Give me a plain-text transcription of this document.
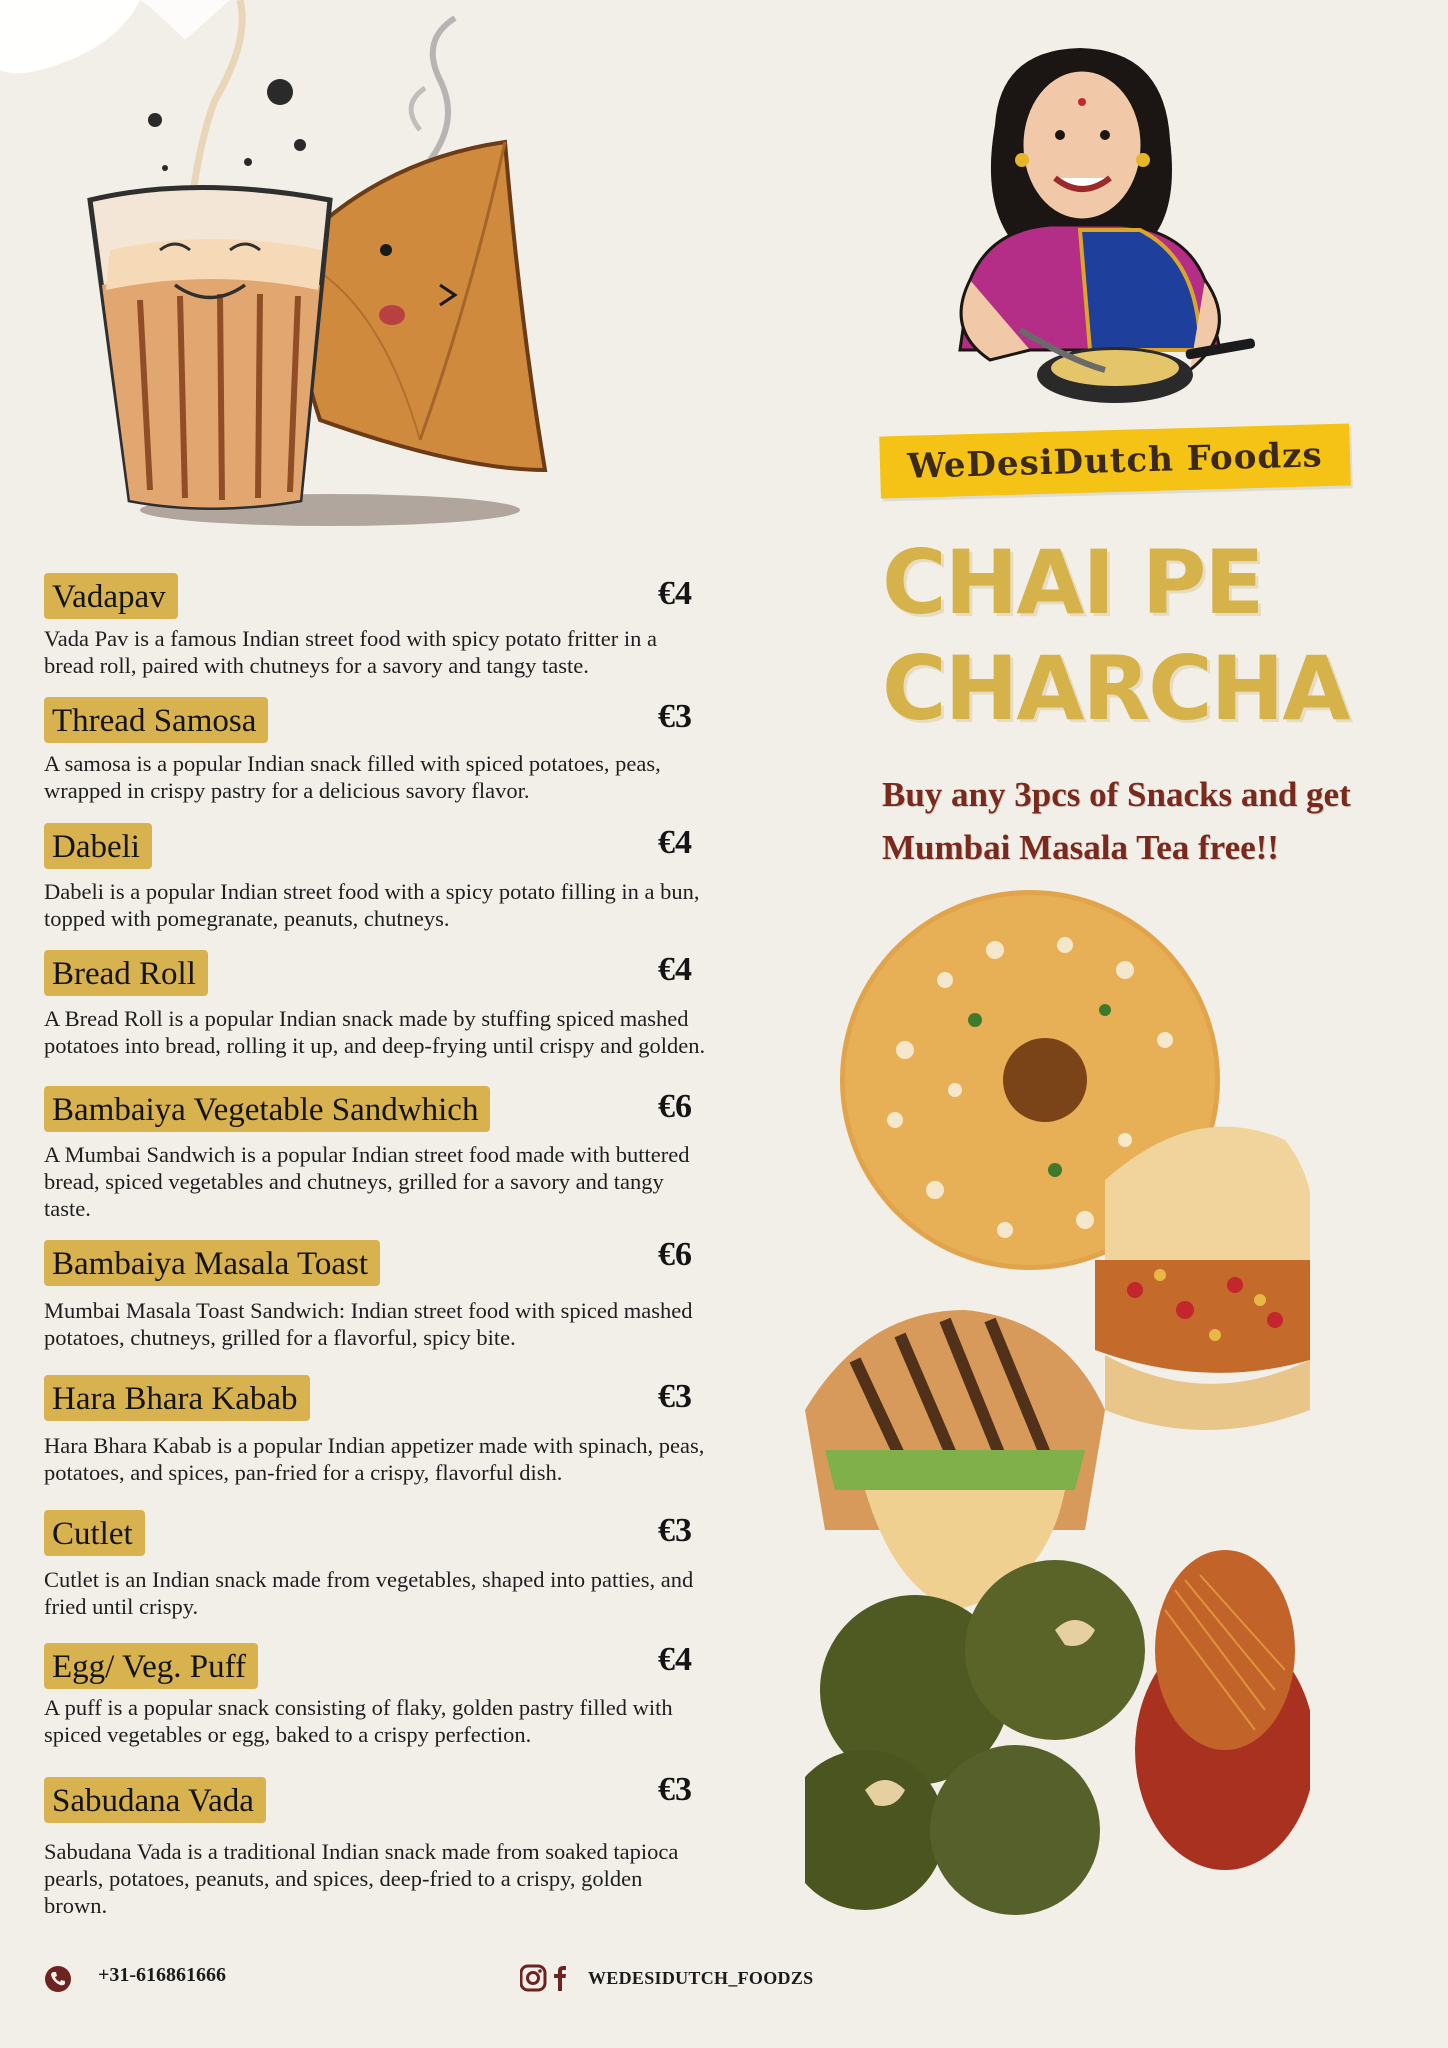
WeDesiDutch Foodzs
CHAI PE
CHARCHA
Buy any 3pcs of Snacks and get
Mumbai Masala Tea free!!
Vadapav	€4
Vada Pav is a famous Indian street food with spicy potato fritter in a
bread roll, paired with chutneys for a savory and tangy taste.
Thread Samosa	€3
A samosa is a popular Indian snack filled with spiced potatoes, peas,
wrapped in crispy pastry for a delicious savory flavor.
Dabeli	€4
Dabeli is a popular Indian street food with a spicy potato filling in a bun,
topped with pomegranate, peanuts, chutneys.
Bread Roll	€4
A Bread Roll is a popular Indian snack made by stuffing spiced mashed
potatoes into bread, rolling it up, and deep-frying until crispy and golden.
Bambaiya Vegetable Sandwhich	€6
A Mumbai Sandwich is a popular Indian street food made with buttered
bread, spiced vegetables and chutneys, grilled for a savory and tangy
taste.
Bambaiya Masala Toast	€6
Mumbai Masala Toast Sandwich: Indian street food with spiced mashed
potatoes, chutneys, grilled for a flavorful, spicy bite.
Hara Bhara Kabab	€3
Hara Bhara Kabab is a popular Indian appetizer made with spinach, peas,
potatoes, and spices, pan-fried for a crispy, flavorful dish.
Cutlet	€3
Cutlet is an Indian snack made from vegetables, shaped into patties, and
fried until crispy.
Egg/ Veg. Puff	€4
A puff is a popular snack consisting of flaky, golden pastry filled with
spiced vegetables or egg, baked to a crispy perfection.
Sabudana Vada	€3
Sabudana Vada is a traditional Indian snack made from soaked tapioca
pearls, potatoes, peanuts, and spices, deep-fried to a crispy, golden
brown.
+31-616861666	WEDESIDUTCH_FOODZS
